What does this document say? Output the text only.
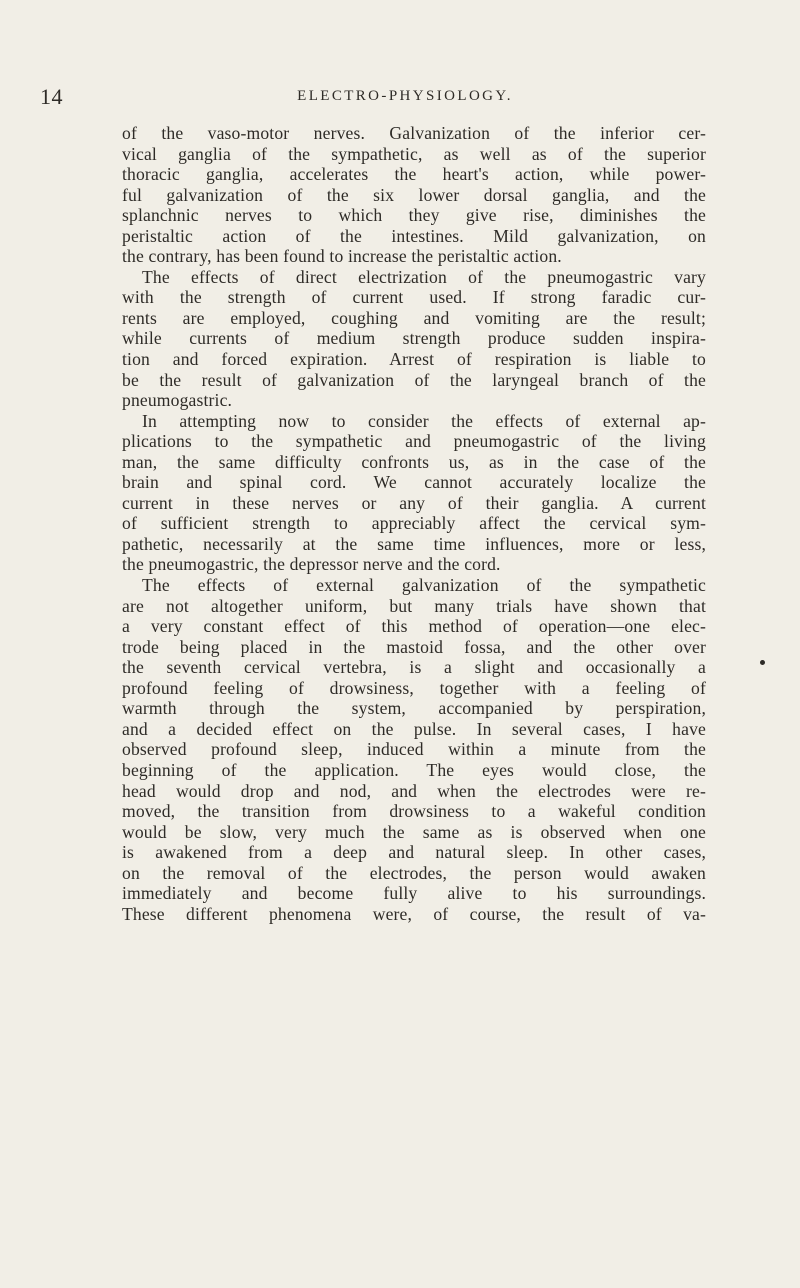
14	ELECTRO-PHYSIOLOGY.
of the vaso-motor nerves. Galvanization of the inferior cer-
vical ganglia of the sympathetic, as well as of the superior
thoracic ganglia, accelerates the heart's action, while power-
ful galvanization of the six lower dorsal ganglia, and the
splanchnic nerves to which they give rise, diminishes the
peristaltic action of the intestines. Mild galvanization, on
the contrary, has been found to increase the peristaltic action.
The effects of direct electrization of the pneumogastric vary
with the strength of current used. If strong faradic cur-
rents are employed, coughing and vomiting are the result;
while currents of medium strength produce sudden inspira-
tion and forced expiration. Arrest of respiration is liable to
be the result of galvanization of the laryngeal branch of the
pneumogastric.
In attempting now to consider the effects of external ap-
plications to the sympathetic and pneumogastric of the living
man, the same difficulty confronts us, as in the case of the
brain and spinal cord. We cannot accurately localize the
current in these nerves or any of their ganglia. A current
of sufficient strength to appreciably affect the cervical sym-
pathetic, necessarily at the same time influences, more or less,
the pneumogastric, the depressor nerve and the cord.
The effects of external galvanization of the sympathetic
are not altogether uniform, but many trials have shown that
a very constant effect of this method of operation—one elec-
trode being placed in the mastoid fossa, and the other over
the seventh cervical vertebra, is a slight and occasionally a
profound feeling of drowsiness, together with a feeling of
warmth through the system, accompanied by perspiration,
and a decided effect on the pulse. In several cases, I have
observed profound sleep, induced within a minute from the
beginning of the application. The eyes would close, the
head would drop and nod, and when the electrodes were re-
moved, the transition from drowsiness to a wakeful condition
would be slow, very much the same as is observed when one
is awakened from a deep and natural sleep. In other cases,
on the removal of the electrodes, the person would awaken
immediately and become fully alive to his surroundings.
These different phenomena were, of course, the result of va-
